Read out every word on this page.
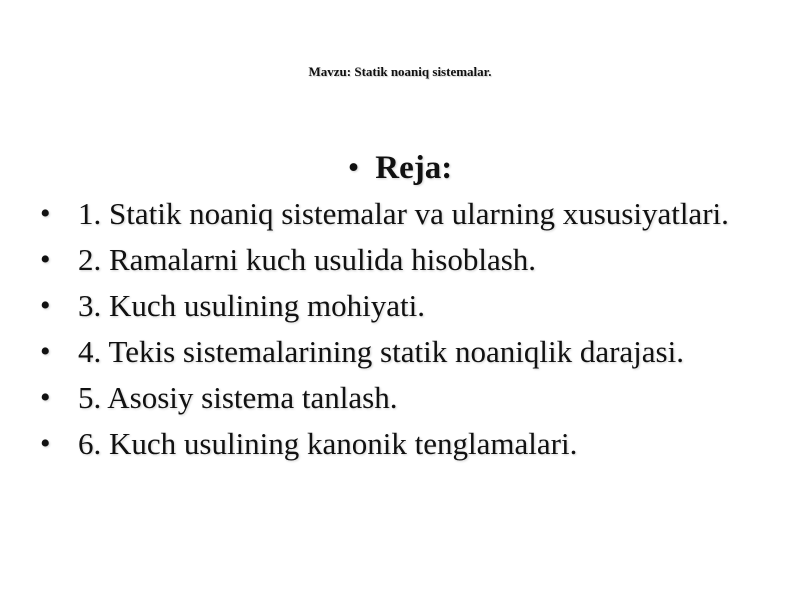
Mavzu: Statik noaniq sistemalar.
• Reja:
• 1. Statik noaniq sistemalar va ularning xususiyatlari.
• 2. Ramalarni kuch usulida hisoblash.
• 3. Kuch usulining mohiyati.
• 4. Tekis sistemalarining statik noaniqlik darajasi.
• 5. Asosiy sistema tanlash.
• 6. Kuch usulining kanonik tenglamalari.
